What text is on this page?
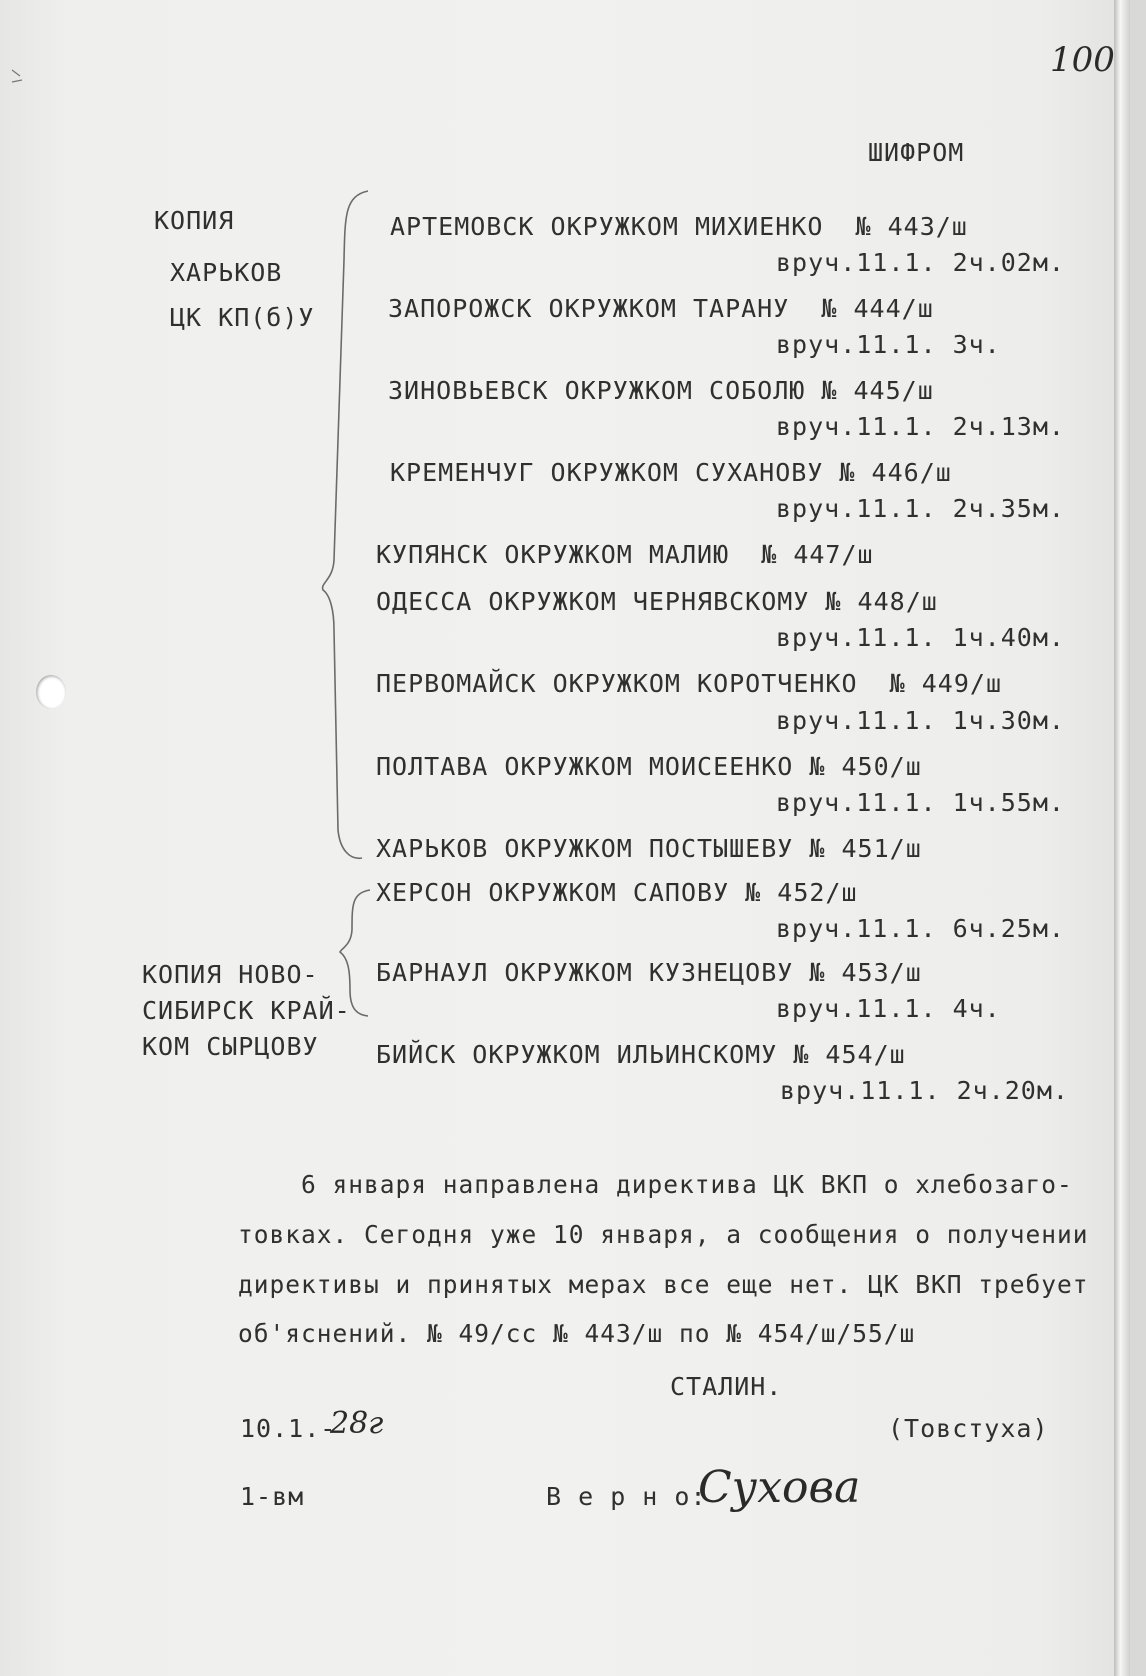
100
ШИФРОМ
КОПИЯ
ХАРЬКОВ
ЦК КП(б)У
АРТЕМОВСК ОКРУЖКОМ МИХИЕНКО  № 443/ш
вруч.11.1. 2ч.02м.
ЗАПОРОЖСК ОКРУЖКОМ ТАРАНУ  № 444/ш
вруч.11.1. 3ч.
ЗИНОВЬЕВСК ОКРУЖКОМ СОБОЛЮ № 445/ш
вруч.11.1. 2ч.13м.
КРЕМЕНЧУГ ОКРУЖКОМ СУХАНОВУ № 446/ш
вруч.11.1. 2ч.35м.
КУПЯНСК ОКРУЖКОМ МАЛИЮ  № 447/ш
ОДЕССА ОКРУЖКОМ ЧЕРНЯВСКОМУ № 448/ш
вруч.11.1. 1ч.40м.
ПЕРВОМАЙСК ОКРУЖКОМ КОРОТЧЕНКО  № 449/ш
вруч.11.1. 1ч.30м.
ПОЛТАВА ОКРУЖКОМ МОИСЕЕНКО № 450/ш
вруч.11.1. 1ч.55м.
ХАРЬКОВ ОКРУЖКОМ ПОСТЫШЕВУ № 451/ш
ХЕРСОН ОКРУЖКОМ САПОВУ № 452/ш
вруч.11.1. 6ч.25м.
КОПИЯ НОВО-
СИБИРСК КРАЙ-
КОМ СЫРЦОВУ
БАРНАУЛ ОКРУЖКОМ КУЗНЕЦОВУ № 453/ш
вруч.11.1. 4ч.
БИЙСК ОКРУЖКОМ ИЛЬИНСКОМУ № 454/ш
вруч.11.1. 2ч.20м.
6 января направлена директива ЦК ВКП о хлебозаго-
товках. Сегодня уже 10 января, а сообщения о получении
директивы и принятых мерах все еще нет. ЦК ВКП требует
об'яснений. № 49/сс № 443/ш по № 454/ш/55/ш
СТАЛИН.
10.1.-
28г	(Товстуха)
1-вм	В е р н о:
Сухова
